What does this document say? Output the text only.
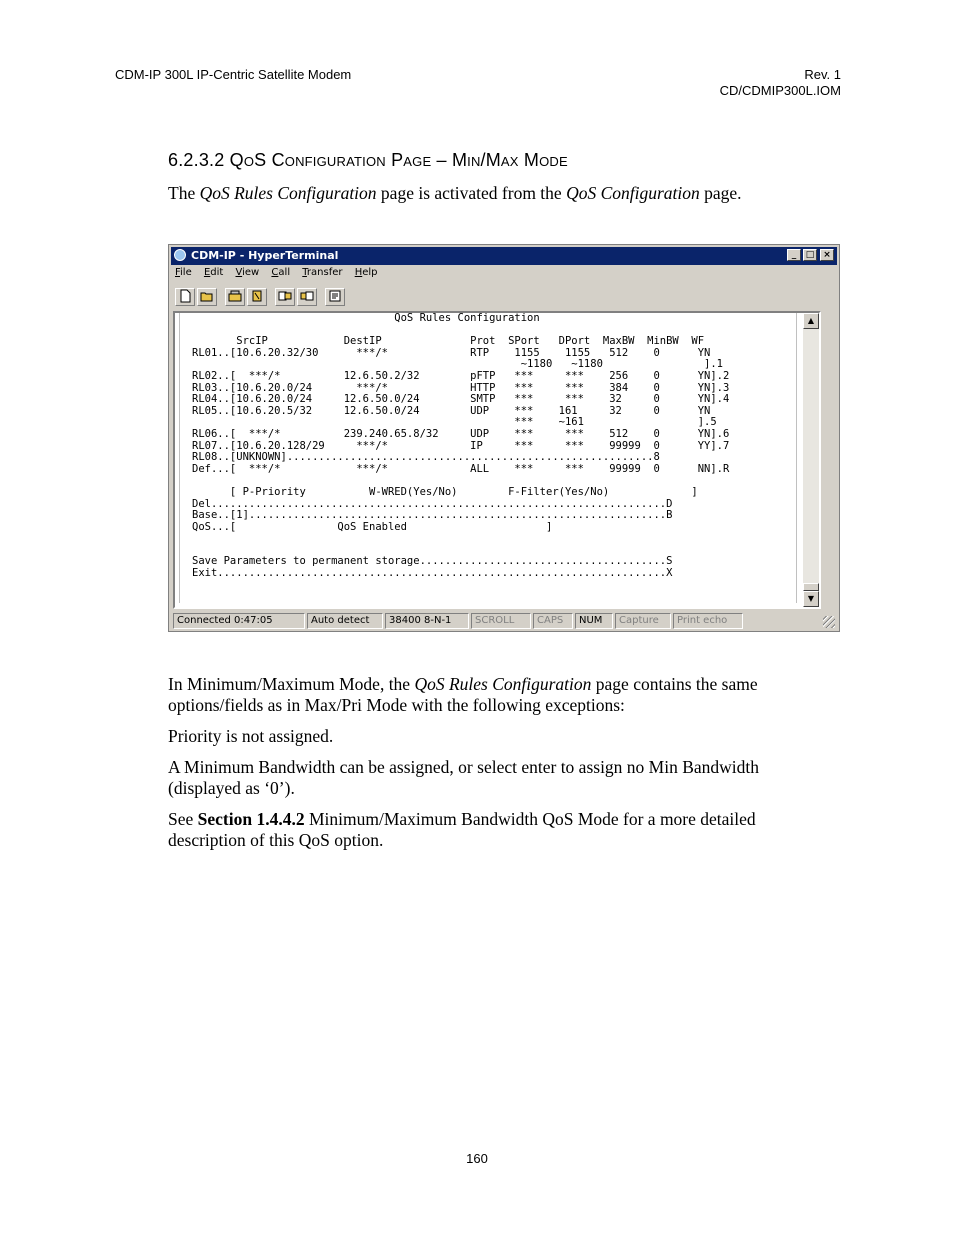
CDM-IP 300L IP-Centric Satellite Modem	Rev. 1
CD/CDMIP300L.IOM
6.2.3.2 QoS Configuration Page – Min/Max Mode
The QoS Rules Configuration page is activated from the QoS Configuration page.
CDM-IP - HyperTerminal	_	□ ×
File Edit View Call Transfer Help
QoS Rules Configuration

SrcIP            DestIP              Prot  SPort   DPort  MaxBW  MinBW  WF
RL01..[10.6.20.32/30      ***/*             RTP    1155    1155   512    0      YN
~1180   ~1180                ].1
RL02..[  ***/*          12.6.50.2/32        pFTP   ***     ***    256    0      YN].2
RL03..[10.6.20.0/24       ***/*             HTTP   ***     ***    384    0      YN].3
RL04..[10.6.20.0/24     12.6.50.0/24        SMTP   ***     ***    32     0      YN].4
RL05..[10.6.20.5/32     12.6.50.0/24        UDP    ***    161     32     0      YN
***    ~161                  ].5
RL06..[  ***/*          239.240.65.8/32     UDP    ***     ***    512    0      YN].6
RL07..[10.6.20.128/29     ***/*             IP     ***     ***    99999  0      YY].7
RL08..[UNKNOWN]..........................................................8
Def...[  ***/*            ***/*             ALL    ***     ***    99999  0      NN].R

[ P-Priority          W-WRED(Yes/No)        F-Filter(Yes/No)             ]
Del........................................................................D
Base..[1]..................................................................B
QoS...[                QoS Enabled                      ]

Save Parameters to permanent storage.......................................S
Exit.......................................................................X
▲
▼
Connected 0:47:05	Auto detect	38400 8-N-1	SCROLL	CAPS	NUM	Capture	Print echo
In Minimum/Maximum Mode, the QoS Rules Configuration page contains the same options/fields as in Max/Pri Mode with the following exceptions:
Priority is not assigned.
A Minimum Bandwidth can be assigned, or select enter to assign no Min Bandwidth (displayed as ‘0’).
See Section 1.4.4.2 Minimum/Maximum Bandwidth QoS Mode for a more detailed description of this QoS option.
160
